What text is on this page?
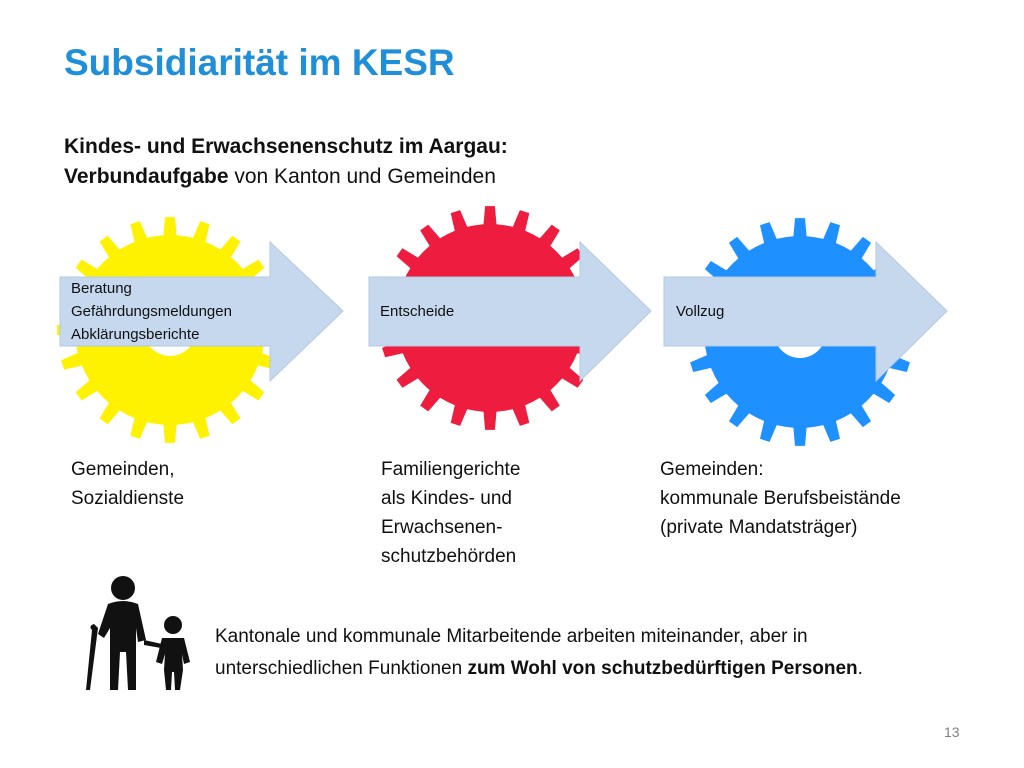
Subsidiarität im KESR
Kindes- und Erwachsenenschutz im Aargau:
Verbundaufgabe von Kanton und Gemeinden
Beratung
Gefährdungsmeldungen
Abklärungsberichte
Entscheide	Vollzug
Gemeinden,
Sozialdienste
Familiengerichte
als Kindes- und
Erwachsenen-
schutzbehörden
Gemeinden:
kommunale Berufsbeistände
(private Mandatsträger)
Kantonale und kommunale Mitarbeitende arbeiten miteinander, aber in unterschiedlichen Funktionen zum Wohl von schutzbedürftigen Personen.
13
